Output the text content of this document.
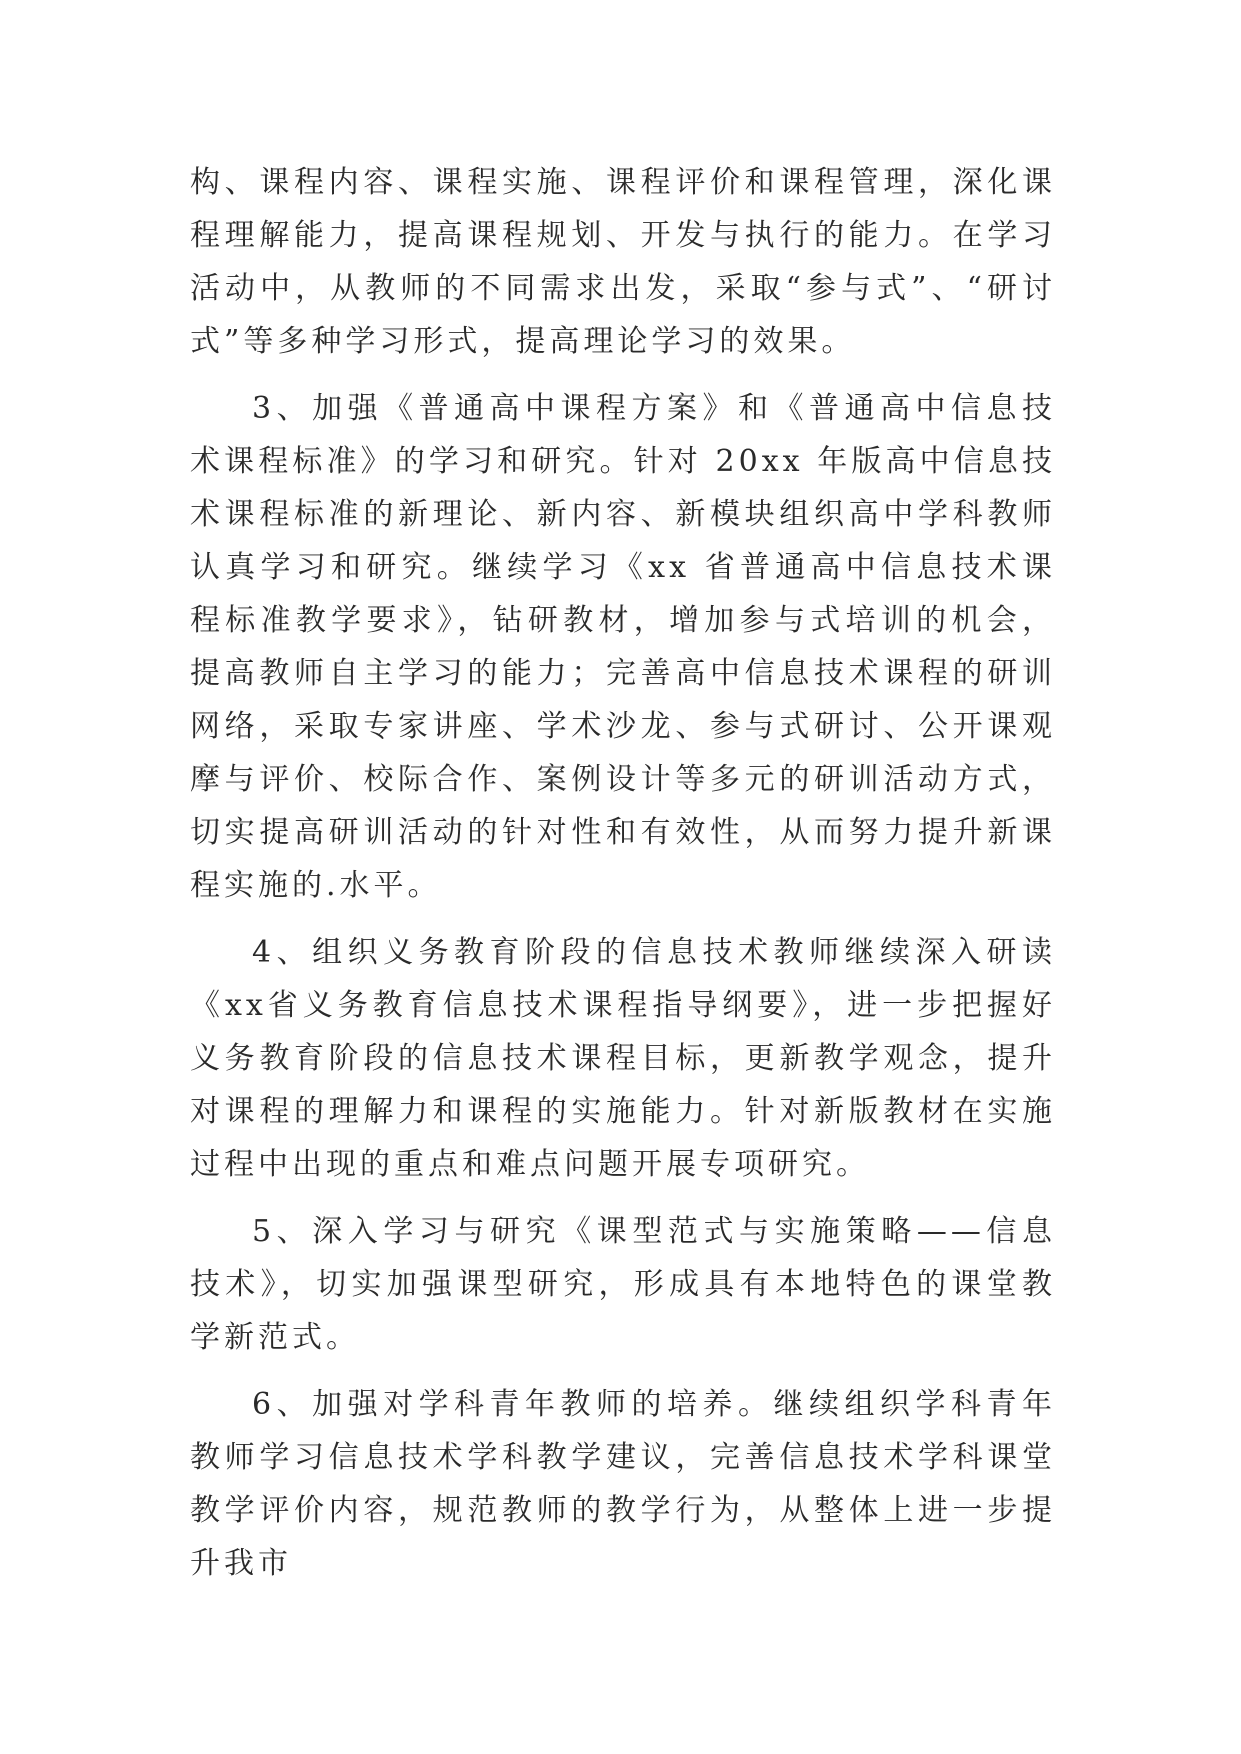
构、课程内容、课程实施、课程评价和课程管理，深化课程理解能力，提高课程规划、开发与执行的能力。在学习活动中，从教师的不同需求出发，采取“参与式”、“研讨式”等多种学习形式，提高理论学习的效果。

3、加强《普通高中课程方案》和《普通高中信息技术课程标准》的学习和研究。针对 20xx 年版高中信息技术课程标准的新理论、新内容、新模块组织高中学科教师认真学习和研究。继续学习《xx 省普通高中信息技术课程标准教学要求》，钻研教材，增加参与式培训的机会，提高教师自主学习的能力；完善高中信息技术课程的研训网络，采取专家讲座、学术沙龙、参与式研讨、公开课观摩与评价、校际合作、案例设计等多元的研训活动方式，切实提高研训活动的针对性和有效性，从而努力提升新课程实施的.水平。

4、组织义务教育阶段的信息技术教师继续深入研读《xx省义务教育信息技术课程指导纲要》，进一步把握好义务教育阶段的信息技术课程目标，更新教学观念，提升对课程的理解力和课程的实施能力。针对新版教材在实施过程中出现的重点和难点问题开展专项研究。

5、深入学习与研究《课型范式与实施策略——信息技术》，切实加强课型研究，形成具有本地特色的课堂教学新范式。

6、加强对学科青年教师的培养。继续组织学科青年教师学习信息技术学科教学建议，完善信息技术学科课堂教学评价内容，规范教师的教学行为，从整体上进一步提升我市
